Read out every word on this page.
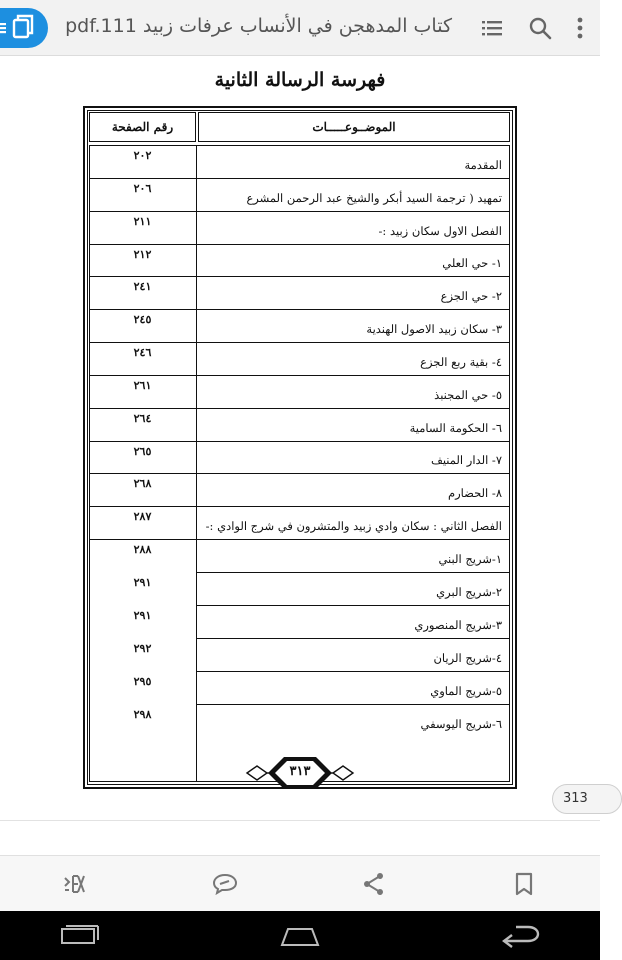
كتاب المدهجن في الأنساب عرفات زبيد pdf.111
فهرسة الرسالة الثانية
رقم الصفحة	الموضــوعـــــات
٢٠٢
المقدمة
٢٠٦
تمهيد ( ترجمة السيد أبكر والشيخ عبد الرحمن المشرع
٢١١
الفصل الاول سكان زبيد :-
٢١٢
١- حي العلي
٢٤١
٢- حي الجزع
٢٤٥
٣- سكان زبيد الاصول الهندية
٢٤٦
٤- بقية ربع الجزع
٢٦١
٥- حي المجنبذ
٢٦٤
٦- الحكومة السامية
٢٦٥
٧- الدار المنيف
٢٦٨
٨- الحضارم
٢٨٧
الفصل الثاني : سكان وادي زبيد والمتشرون في شرج الوادي :-
٢٨٨
١-شريج البني
٢٩١
٢-شريج البري
٢٩١
٣-شريج المنصوري
٢٩٢
٤-شريج الريان
٢٩٥
٥-شريج الماوي
٢٩٨
٦-شريج اليوسفي
٣١٣
313
